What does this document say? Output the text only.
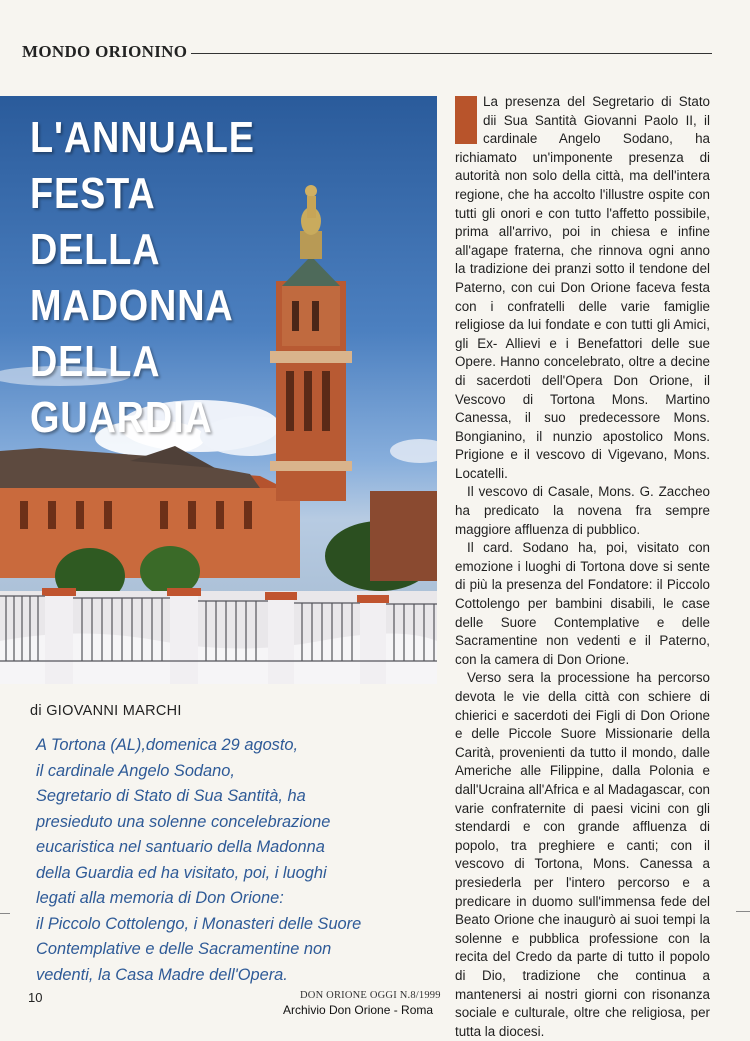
MONDO ORIONINO
L'ANNUALE FESTA
DELLA
MADONNA
DELLA
GUARDIA
di GIOVANNI MARCHI

A Tortona (AL),domenica 29 agosto,

il cardinale Angelo Sodano,

Segretario di Stato di Sua Santità, ha

presieduto una solenne concelebrazione

eucaristica nel santuario della Madonna

della Guardia ed ha visitato, poi, i luoghi

legati alla memoria di Don Orione:

il Piccolo Cottolengo, i Monasteri delle Suore

Contemplative e delle Sacramentine non

vedenti, la Casa Madre dell'Opera.

La presenza del Segretario di Stato dii Sua Santità Giovanni Paolo II, il cardinale Angelo Sodano, ha richiamato un'imponente presenza di autorità non solo della città, ma dell'intera regione, che ha accolto l'illustre ospite con tutti gli onori e con tutto l'affetto possibile, prima all'arrivo, poi in chiesa e infine all'agape fraterna, che rinnova ogni anno la tradizione dei pranzi sotto il tendone del Paterno, con cui Don Orione faceva festa con i confratelli delle varie famiglie religiose da lui fondate e con tutti gli Amici, gli Ex- Allievi e i Benefattori delle sue Opere. Hanno concelebrato, oltre a decine di sacerdoti dell'Opera Don Orione, il Vescovo di Tortona Mons. Martino Canessa, il suo predecessore Mons. Bongianino, il nunzio apostolico Mons. Prigione e il vescovo di Vigevano, Mons. Locatelli.

Il vescovo di Casale, Mons. G. Zaccheo ha predicato la novena fra sempre maggiore affluenza di pubblico.

Il card. Sodano ha, poi, visitato con emozione i luoghi di Tortona dove si sente di più la presenza del Fondatore: il Piccolo Cottolengo per bambini disabili, le case delle Suore Contemplative e delle Sacramentine non vedenti e il Paterno, con la camera di Don Orione.

Verso sera la processione ha percorso devota le vie della città con schiere di chierici e sacerdoti dei Figli di Don Orione e delle Piccole Suore Missionarie della Carità, provenienti da tutto il mondo, dalle Americhe alle Filippine, dalla Polonia e dall'Ucraina all'Africa e al Madagascar, con varie confraternite di paesi vicini con gli stendardi e con grande affluenza di popolo, tra preghiere e canti; con il vescovo di Tortona, Mons. Canessa a presiederla per l'intero percorso e a predicare in duomo sull'immensa fede del Beato Orione che inaugurò ai suoi tempi la solenne e pubblica professione con la recita del Credo da parte di tutto il popolo di Dio, tradizione che continua a mantenersi ai nostri giorni con risonanza sociale e culturale, oltre che religiosa, per tutta la diocesi.

10	DON ORIONE OGGI N.8/1999
Archivio Don Orione - Roma
